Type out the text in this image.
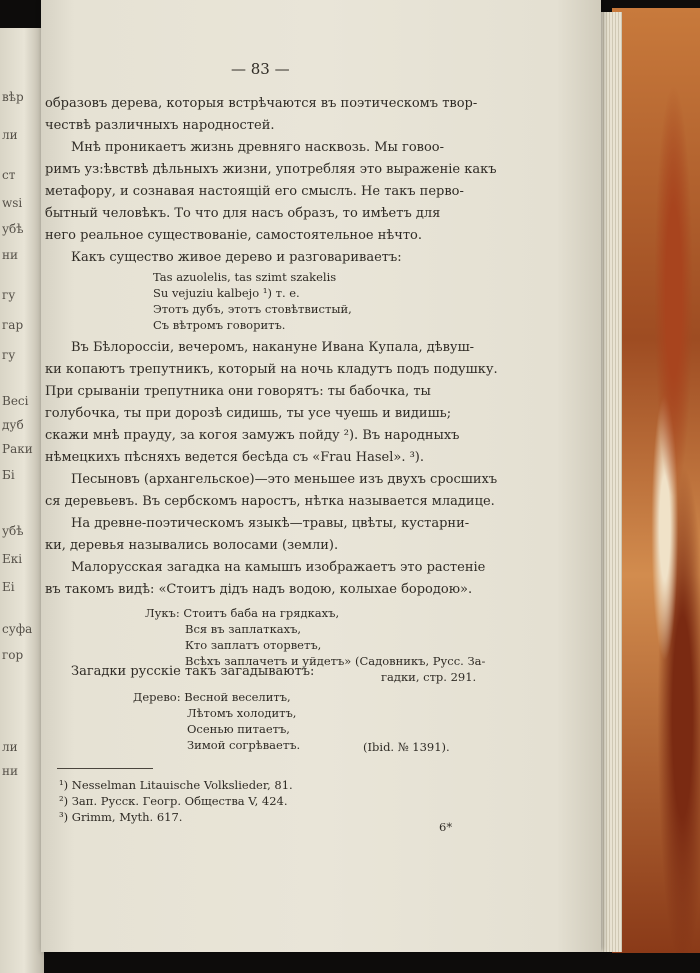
вѣр
ли
ст
wsi
убѣ
ни
гу
гар
гу
Весі
дуб
Раки
Бі
убѣ
Екі
Еі
суфа
гор
ли
ни
— 83 —
образовъ дерева, которыя встрѣчаются въ поэтическомъ твор-
чествѣ различныхъ народностей.
Мнѣ проникаетъ жизнь древняго насквозь. Мы говоo-
римъ уз:ѣвствѣ дѣльныхъ жизни, употребляя это выраженіе какъ
метафору, и сознавая настоящій его смыслъ. Не такъ перво-
бытный человѣкъ. То что для насъ образъ, то имѣетъ для
него реальное существованіе, самостоятельное нѣчто.
Какъ существо живое дерево и разговариваетъ:
Tas azuolelis, tas szimt szakelis
Su vejuziu kalbejo ¹) т. е.
Этотъ дубъ, этотъ стовѣтвистый,
Съ вѣтромъ говоритъ.
Въ Бѣлороссіи, вечеромъ, накануне Ивана Купала, дѣвуш-
ки копаютъ трепутникъ, который на ночь кладутъ подъ подушку.
При срываніи трепутника они говорятъ: ты бабочка, ты
голубочка, ты при дорозѣ сидишь, ты усе чуешь и видишь;
скажи мнѣ прауду, за когоя замужъ пойду ²). Въ народныхъ
нѣмецкихъ пѣсняхъ ведется бесѣда съ «Frau Hasel». ³).
Песыновъ (архангельское)—это меньшее изъ двухъ сросшихъ
ся деревьевъ. Въ сербскомъ наростъ, нѣтка называется младице.
На древне-поэтическомъ языкѣ—травы, цвѣты, кустарни-
ки, деревья назывались волосами (земли).
Малорусская загадка на камышъ изображаетъ это растеніе
въ такомъ видѣ: «Стоитъ дідъ надъ водою, колыхае бородою».
Лукъ: Стоитъ баба на грядкахъ,
Вся въ заплаткахъ,
Кто заплатъ оторветъ,
Всѣхъ заплачетъ и уйдетъ» (Садовникъ, Русс. За-
гадки, стр. 291.
Загадки русскіе такъ загадываютъ:
Дерево: Весной веселитъ,
Лѣтомъ холодитъ,
Осенью питаетъ,
Зимой согрѣваетъ.	(Ibid. № 1391).
¹) Nesselman Litauische Volkslieder, 81.
²) Зап. Русск. Геогр. Общества V, 424.
³) Grimm, Myth. 617.
6*
